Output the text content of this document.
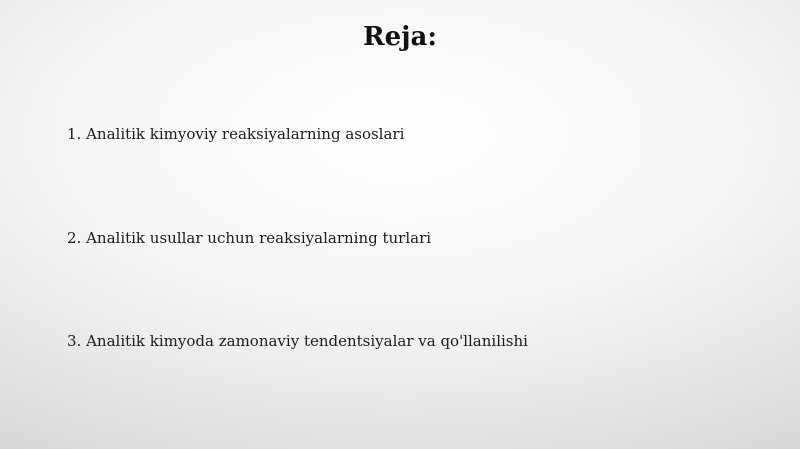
Reja:
1. Analitik kimyoviy reaksiyalarning asoslari
2. Analitik usullar uchun reaksiyalarning turlari
3. Analitik kimyoda zamonaviy tendentsiyalar va qo'llanilishi
